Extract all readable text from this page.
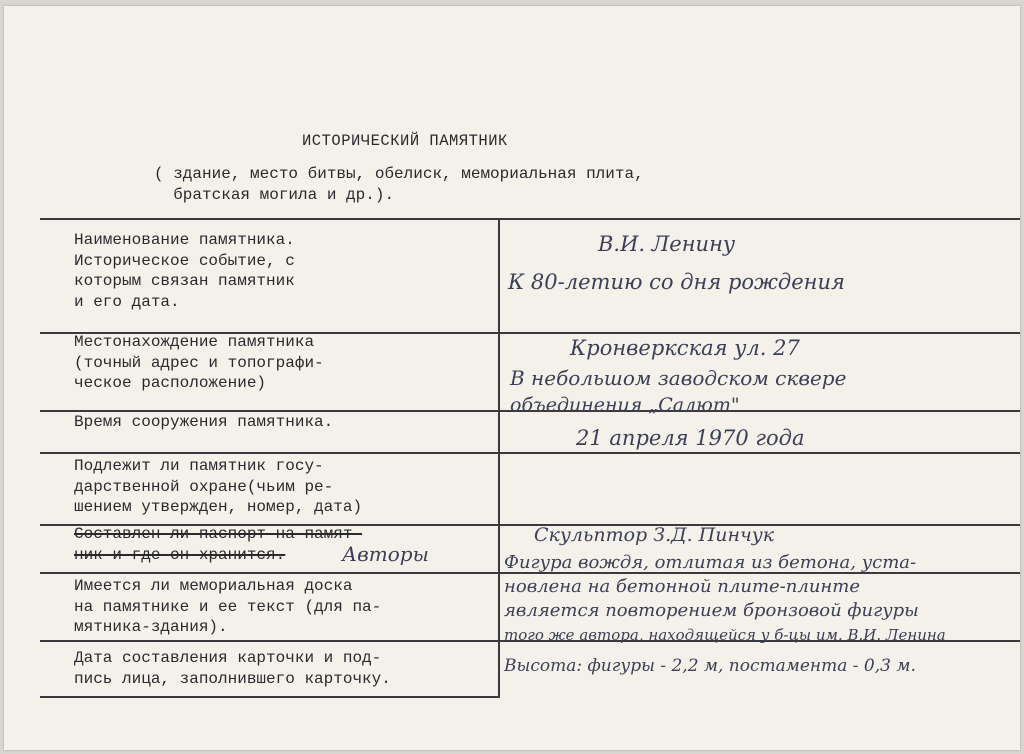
ИСТОРИЧЕСКИЙ ПАМЯТНИК
( здание, место битвы, обелиск, мемориальная плита,
братская могила и др.).
Наименование памятника.
Историческое событие, с
которым связан памятник
и его дата.
Местонахождение памятника
(точный адрес и топографи-
ческое расположение)
Время сооружения памятника.
Подлежит ли памятник госу-
дарственной охране(чьим ре-
шением утвержден, номер, дата)
Составлен ли паспорт на памят-
ник и где он хранится.	Авторы
Имеется ли мемориальная доска
на памятнике и ее текст (для па-
мятника-здания).
Дата составления карточки и под-
пись лица, заполнившего карточку.
В.И. Ленину
К 80-летию со дня рождения
Кронверкская ул. 27
В небольшом заводском сквере
объединения „Салют"
21 апреля 1970 года
Скульптор З.Д. Пинчук
Фигура вождя, отлитая из бетона, уста-
новлена на бетонной плите-плинте
является повторением бронзовой фигуры
того же автора, находящейся у б-цы им. В.И. Ленина
Высота: фигуры - 2,2 м, постамента - 0,3 м.
